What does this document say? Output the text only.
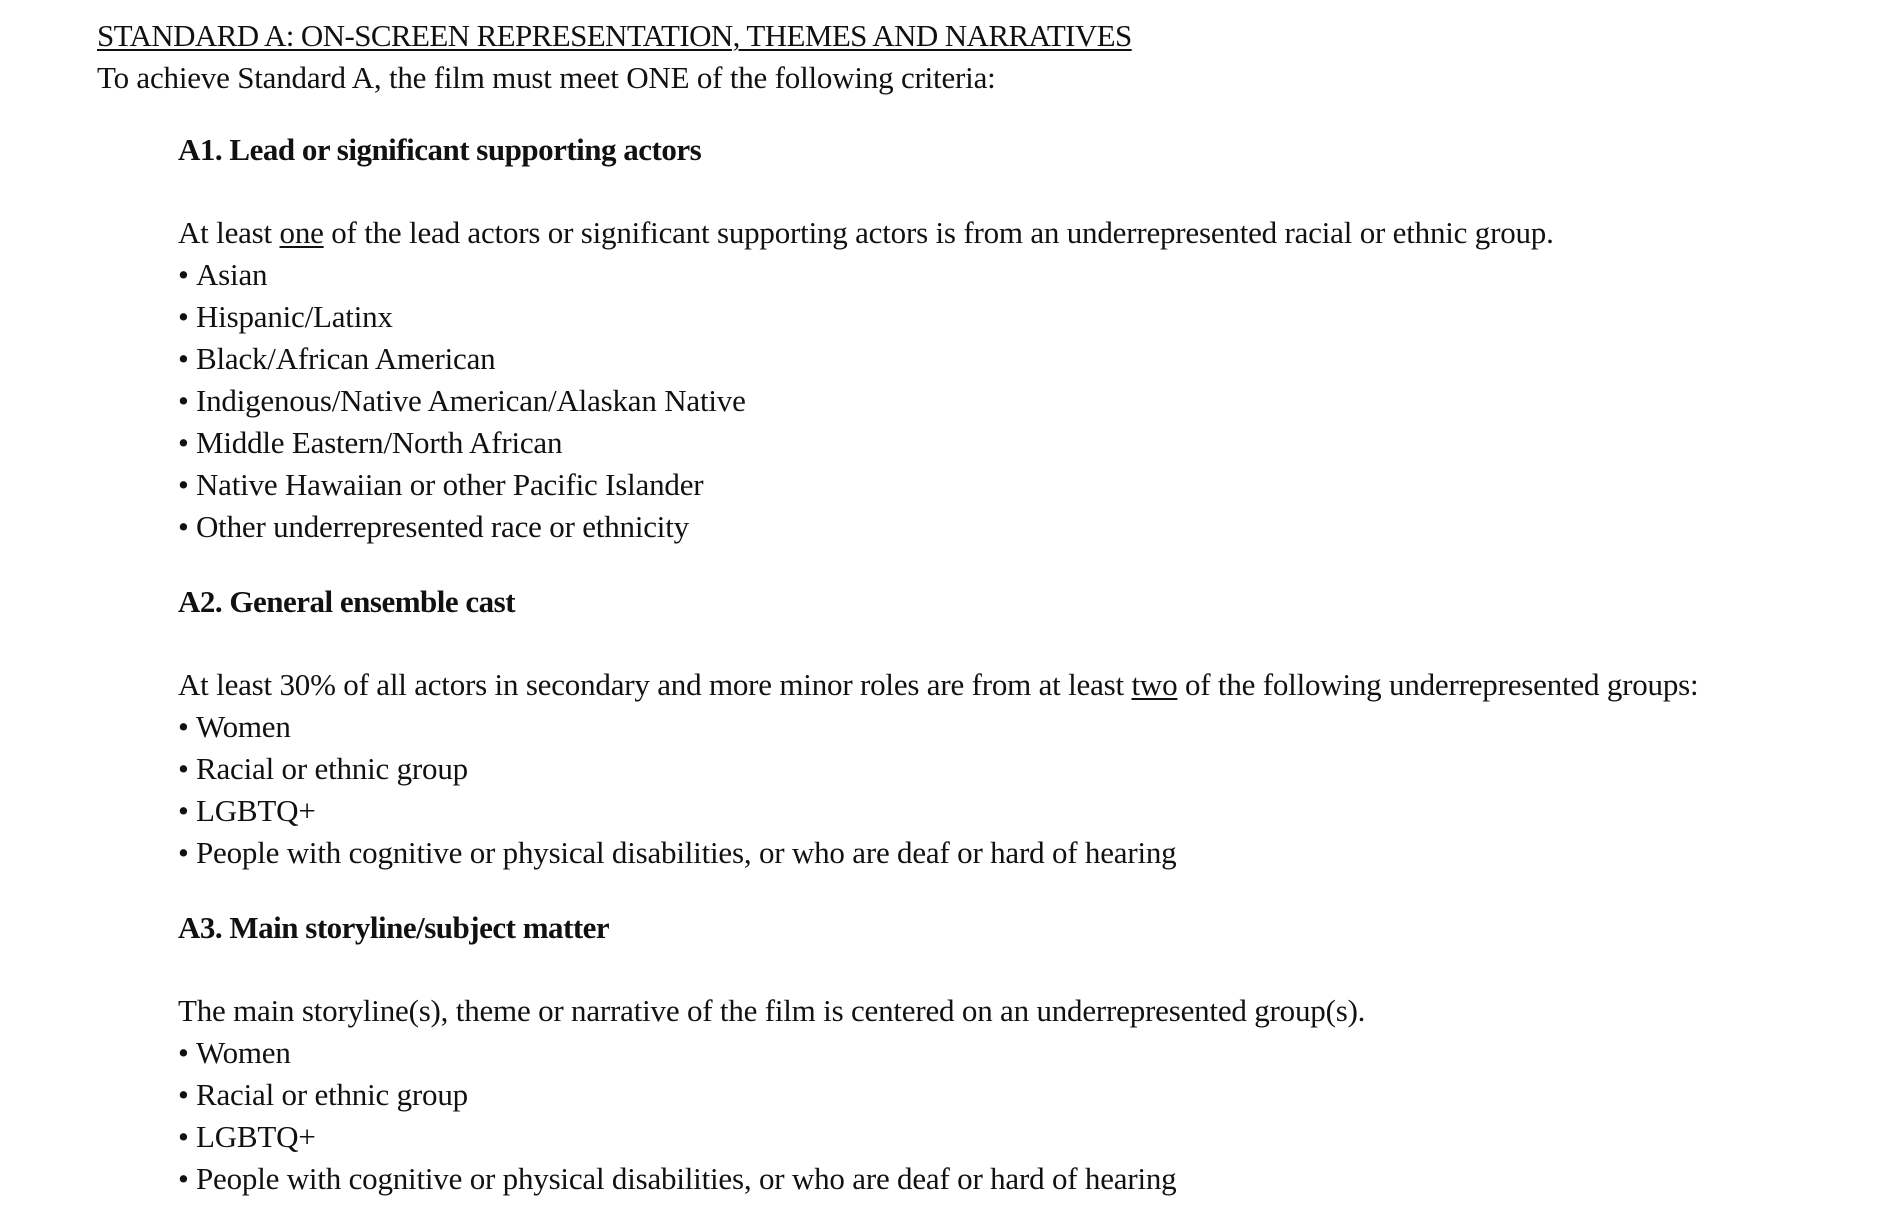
STANDARD A: ON-SCREEN REPRESENTATION, THEMES AND NARRATIVES
To achieve Standard A, the film must meet ONE of the following criteria:
A1. Lead or significant supporting actors
At least one of the lead actors or significant supporting actors is from an underrepresented racial or ethnic group.
• Asian
• Hispanic/Latinx
• Black/African American
• Indigenous/Native American/Alaskan Native
• Middle Eastern/North African
• Native Hawaiian or other Pacific Islander
• Other underrepresented race or ethnicity
A2. General ensemble cast
At least 30% of all actors in secondary and more minor roles are from at least two of the following underrepresented groups:
• Women
• Racial or ethnic group
• LGBTQ+
• People with cognitive or physical disabilities, or who are deaf or hard of hearing
A3. Main storyline/subject matter
The main storyline(s), theme or narrative of the film is centered on an underrepresented group(s).
• Women
• Racial or ethnic group
• LGBTQ+
• People with cognitive or physical disabilities, or who are deaf or hard of hearing
